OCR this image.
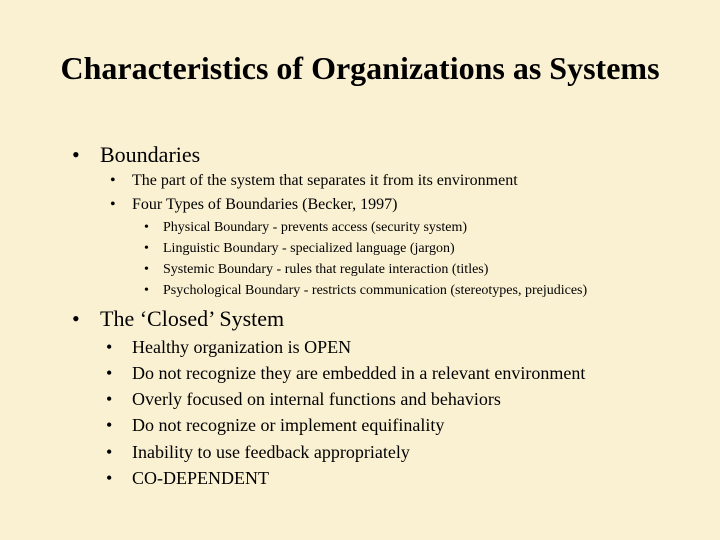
Characteristics of Organizations as Systems
• Boundaries
• The part of the system that separates it from its environment
• Four Types of Boundaries (Becker, 1997)
• Physical Boundary - prevents access (security system)
• Linguistic Boundary - specialized language (jargon)
• Systemic Boundary - rules that regulate interaction (titles)
• Psychological Boundary - restricts communication (stereotypes, prejudices)
• The ‘Closed’ System
• Healthy organization is OPEN
• Do not recognize they are embedded in a relevant environment
• Overly focused on internal functions and behaviors
• Do not recognize or implement equifinality
• Inability to use feedback appropriately
• CO-DEPENDENT
